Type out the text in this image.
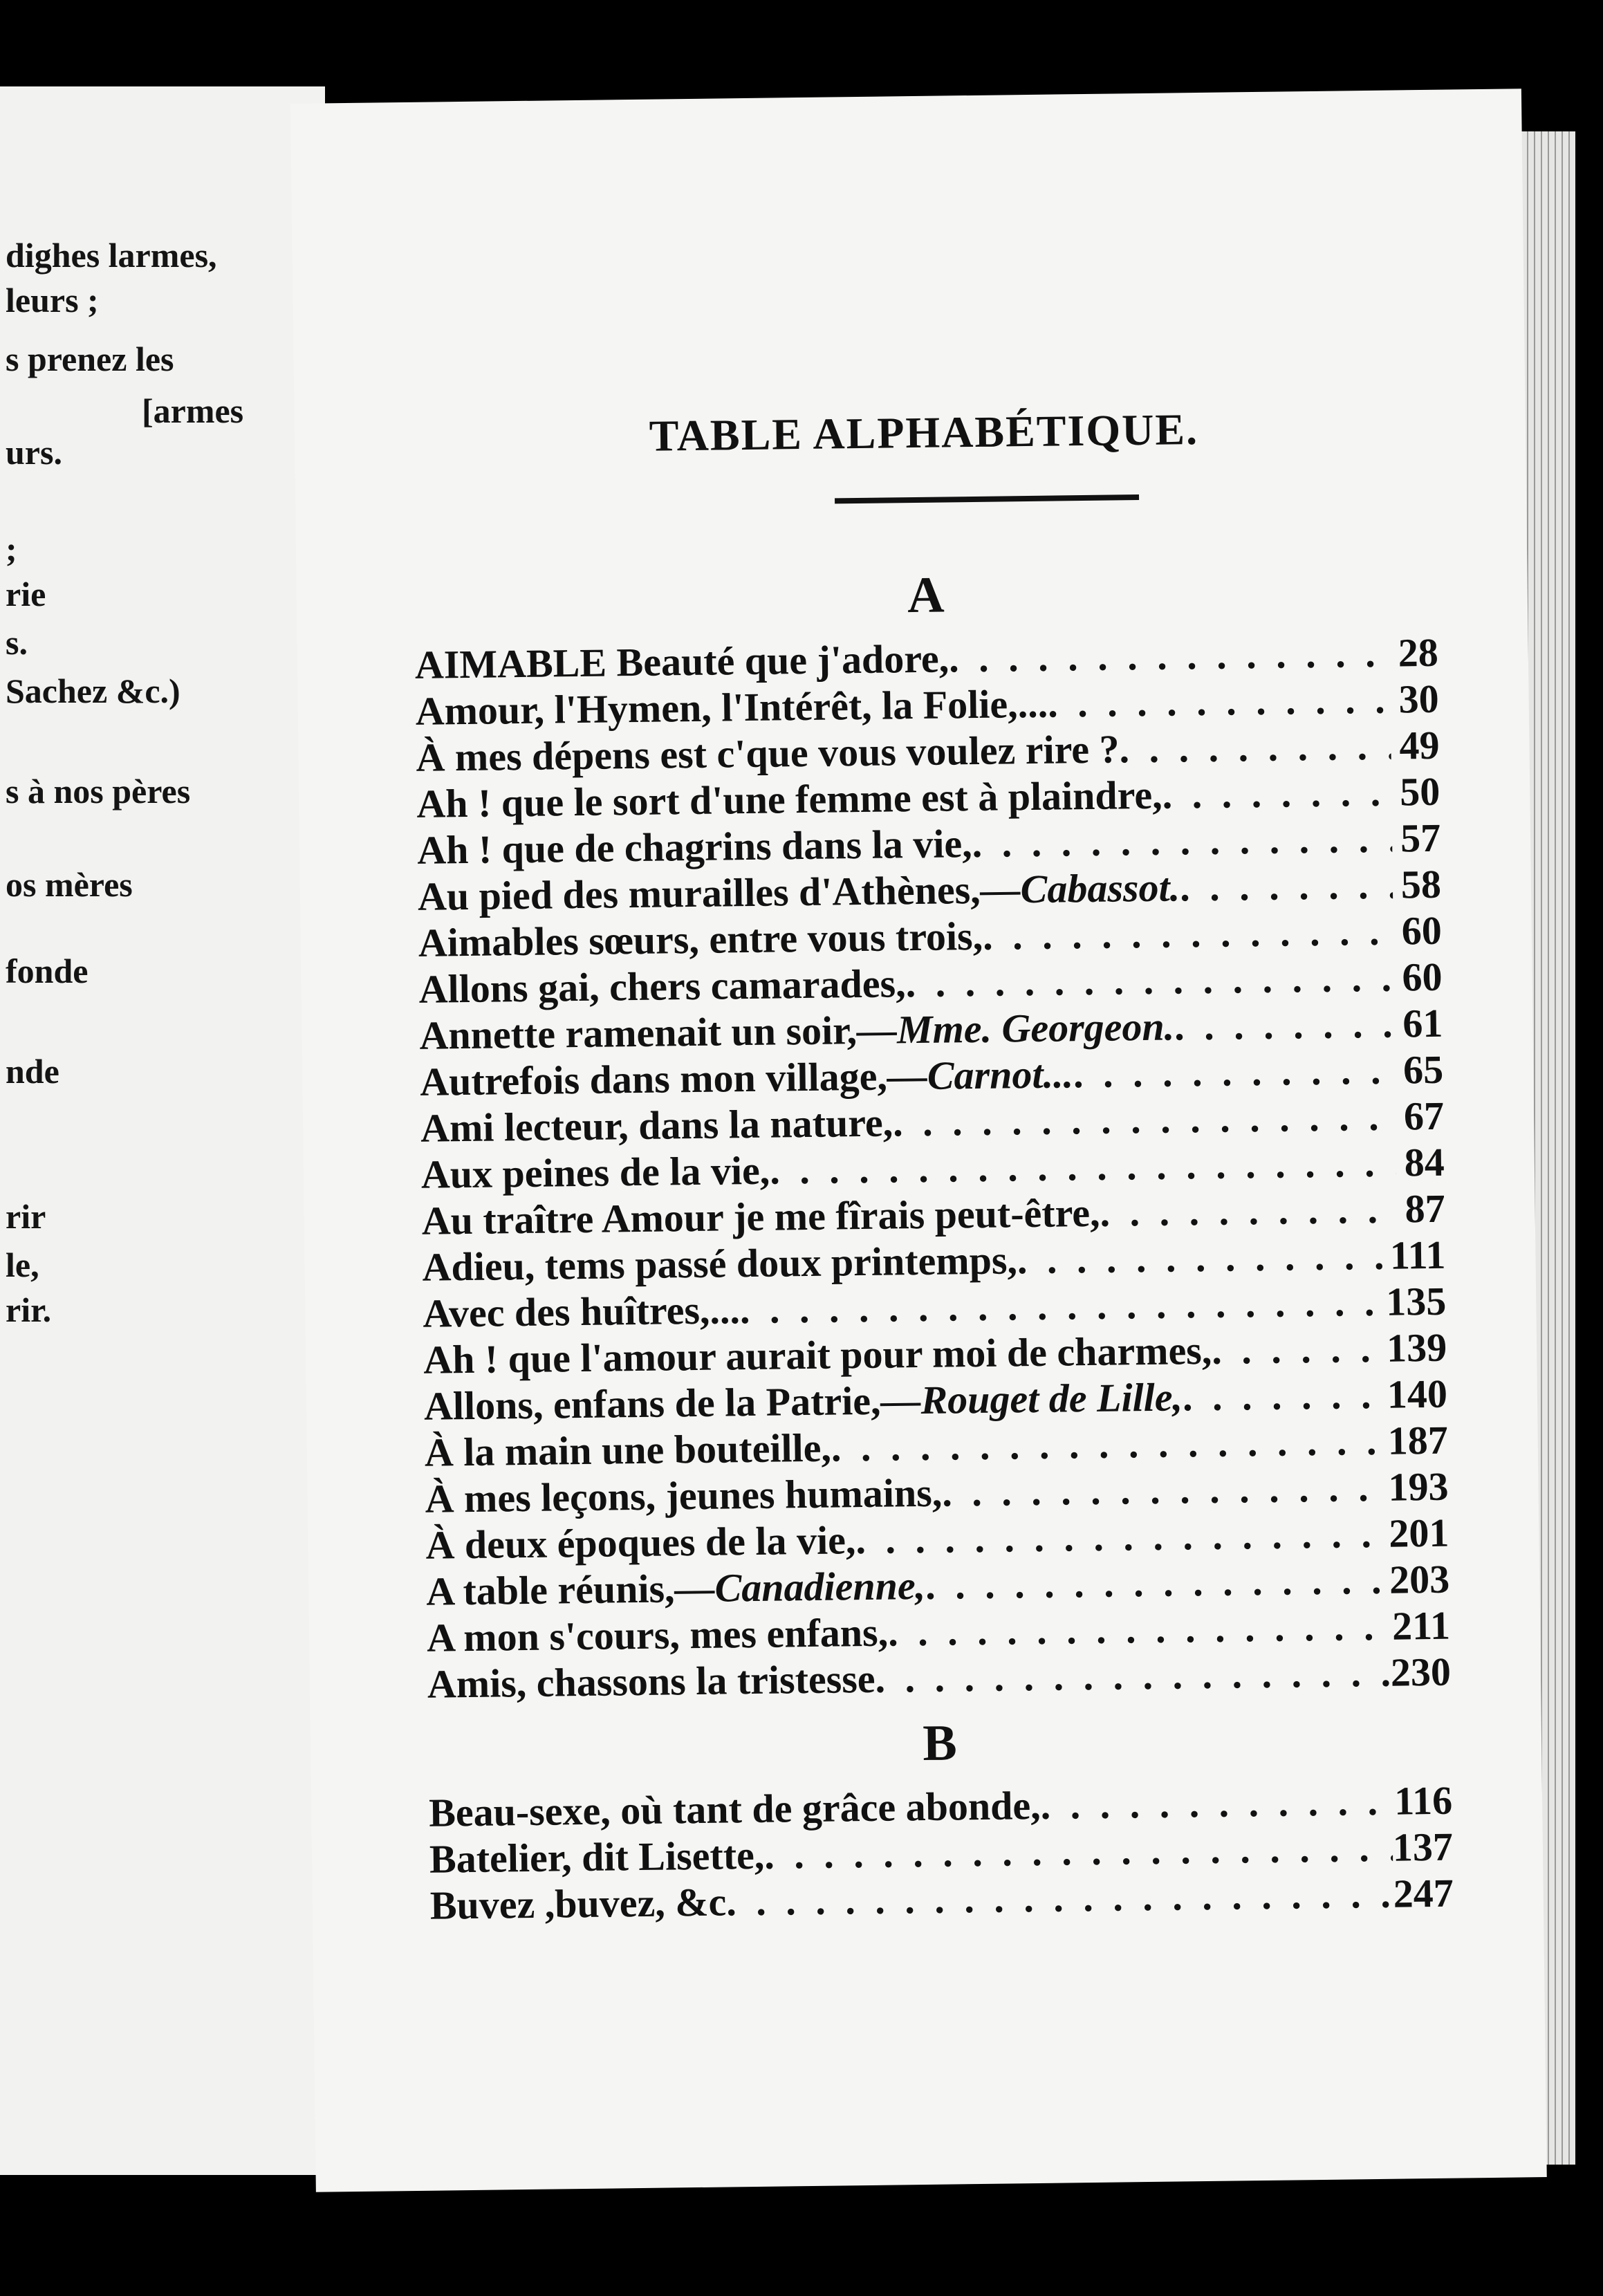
dighes larmes,
leurs ;
s prenez les
[armes
urs.
;
rie
s.
Sachez &c.)
s à nos pères
os mères
fonde
nde
rir
le,
rir.
TABLE ALPHABÉTIQUE.
A
AIMABLE Beauté que j'adore, . . .	28
Amour, l'Hymen, l'Intérêt, la Folie,... . . .	30
À mes dépens est c'que vous voulez rire ? . . .	49
Ah ! que le sort d'une femme est à plaindre, . . .	50
Ah ! que de chagrins dans la vie, . . .	57
Au pied des murailles d'Athènes, —Cabassot. . . .	58
Aimables sœurs, entre vous trois, . . .	60
Allons gai, chers camarades, . . .	60
Annette ramenait un soir, —Mme. Georgeon. . . .	61
Autrefois dans mon village, —Carnot... . . .	65
Ami lecteur, dans la nature, . . .	67
Aux peines de la vie, . . .	84
Au traître Amour je me fîrais peut-être, . . .	87
Adieu, tems passé doux printemps, . . .	111
Avec des huîtres,... . . .	135
Ah ! que l'amour aurait pour moi de charmes, . . .	139
Allons, enfans de la Patrie, —Rouget de Lille, . . .	140
À la main une bouteille, . . .	187
À mes leçons, jeunes humains, . . .	193
À deux époques de la vie, . . .	201
A table réunis, —Canadienne, . . .	203
A mon s'cours, mes enfans, . . .	211
Amis, chassons la tristesse . . .	230
B
Beau-sexe, où tant de grâce abonde, . . .	116
Batelier, dit Lisette, . . .	137
Buvez ,buvez, &c . . .	247
